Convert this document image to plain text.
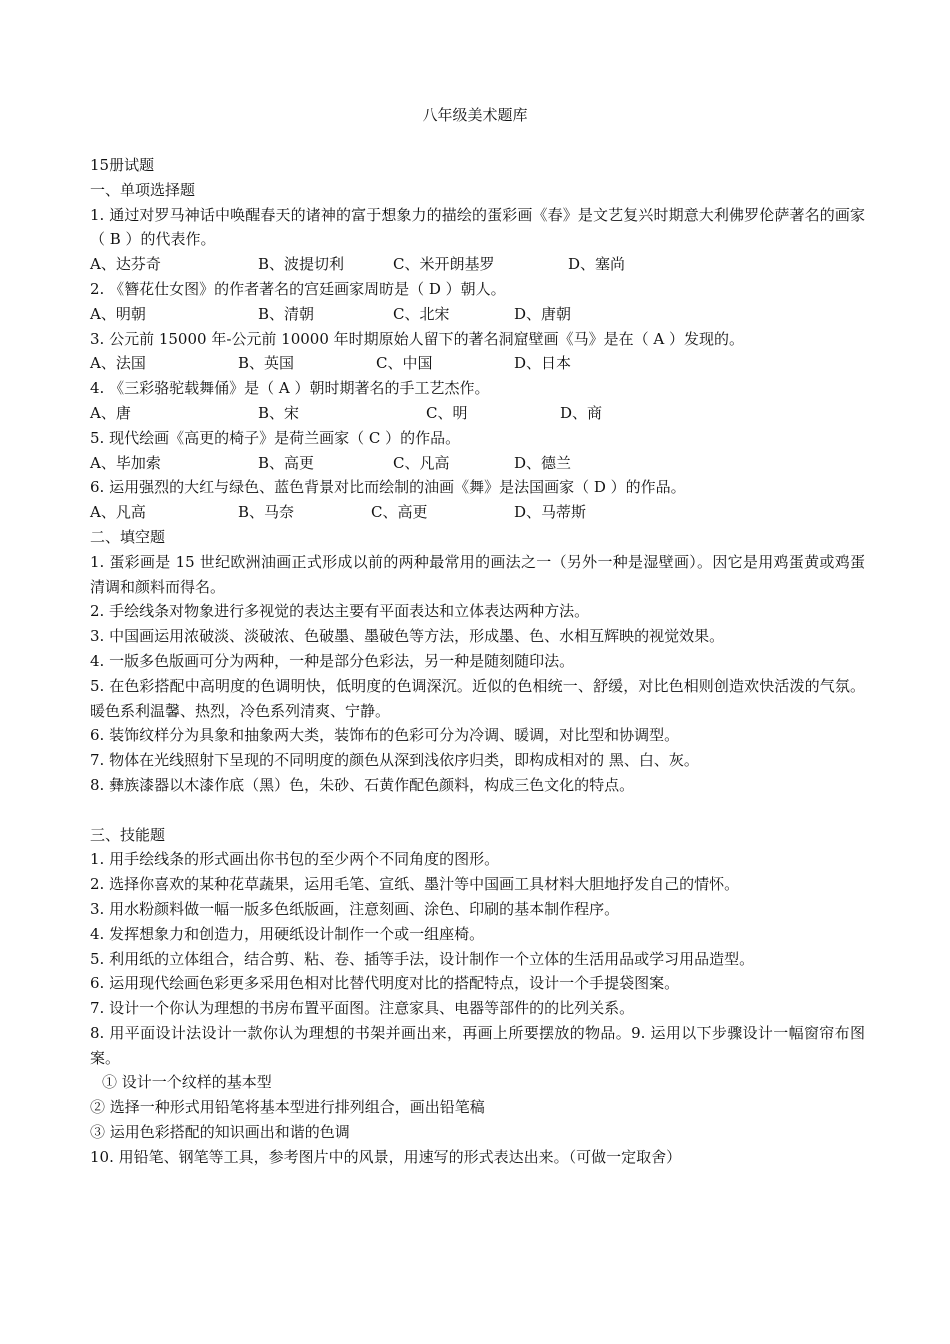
八年级美术题库
15册试题
一、单项选择题
1. 通过对罗马神话中唤醒春天的诸神的富于想象力的描绘的蛋彩画《春》是文艺复兴时期意大利佛罗伦萨著名的画家（ B ）的代表作。
A、达芬奇	B、波提切利	C、米开朗基罗	D、塞尚
2. 《簪花仕女图》的作者著名的宫廷画家周昉是（ D ）朝人。
A、明朝	B、清朝	C、北宋	D、唐朝
3. 公元前 15000 年-公元前 10000 年时期原始人留下的著名洞窟壁画《马》是在（ A ）发现的。
A、法国	B、英国	C、中国	D、日本
4. 《三彩骆驼载舞俑》是（ A ）朝时期著名的手工艺杰作。
A、唐	B、宋	C、明	D、商
5. 现代绘画《高更的椅子》是荷兰画家（ C ）的作品。
A、毕加索	B、高更	C、凡高	D、德兰
6. 运用强烈的大红与绿色、蓝色背景对比而绘制的油画《舞》是法国画家（ D ）的作品。
A、凡高	B、马奈	C、高更	D、马蒂斯
二、填空题
1. 蛋彩画是 15 世纪欧洲油画正式形成以前的两种最常用的画法之一（另外一种是湿壁画）。因它是用鸡蛋黄或鸡蛋清调和颜料而得名。
2. 手绘线条对物象进行多视觉的表达主要有平面表达和立体表达两种方法。
3. 中国画运用浓破淡、淡破浓、色破墨、墨破色等方法，形成墨、色、水相互辉映的视觉效果。
4. 一版多色版画可分为两种，一种是部分色彩法，另一种是随刻随印法。
5. 在色彩搭配中高明度的色调明快，低明度的色调深沉。近似的色相统一、舒缓，对比色相则创造欢快活泼的气氛。暖色系利温馨、热烈，冷色系列清爽、宁静。
6. 装饰纹样分为具象和抽象两大类，装饰布的色彩可分为冷调、暖调，对比型和协调型。
7. 物体在光线照射下呈现的不同明度的颜色从深到浅依序归类，即构成相对的 黑、白、灰。
8. 彝族漆器以木漆作底（黑）色，朱砂、石黄作配色颜料，构成三色文化的特点。
三、技能题
1. 用手绘线条的形式画出你书包的至少两个不同角度的图形。
2. 选择你喜欢的某种花草蔬果，运用毛笔、宣纸、墨汁等中国画工具材料大胆地抒发自己的情怀。
3. 用水粉颜料做一幅一版多色纸版画，注意刻画、涂色、印刷的基本制作程序。
4. 发挥想象力和创造力，用硬纸设计制作一个或一组座椅。
5. 利用纸的立体组合，结合剪、粘、卷、插等手法，设计制作一个立体的生活用品或学习用品造型。
6. 运用现代绘画色彩更多采用色相对比替代明度对比的搭配特点，设计一个手提袋图案。
7. 设计一个你认为理想的书房布置平面图。注意家具、电器等部件的的比列关系。
8. 用平面设计法设计一款你认为理想的书架并画出来，再画上所要摆放的物品。9. 运用以下步骤设计一幅窗帘布图案。
① 设计一个纹样的基本型
② 选择一种形式用铅笔将基本型进行排列组合，画出铅笔稿
③ 运用色彩搭配的知识画出和谐的色调
10. 用铅笔、钢笔等工具，参考图片中的风景，用速写的形式表达出来。（可做一定取舍）
